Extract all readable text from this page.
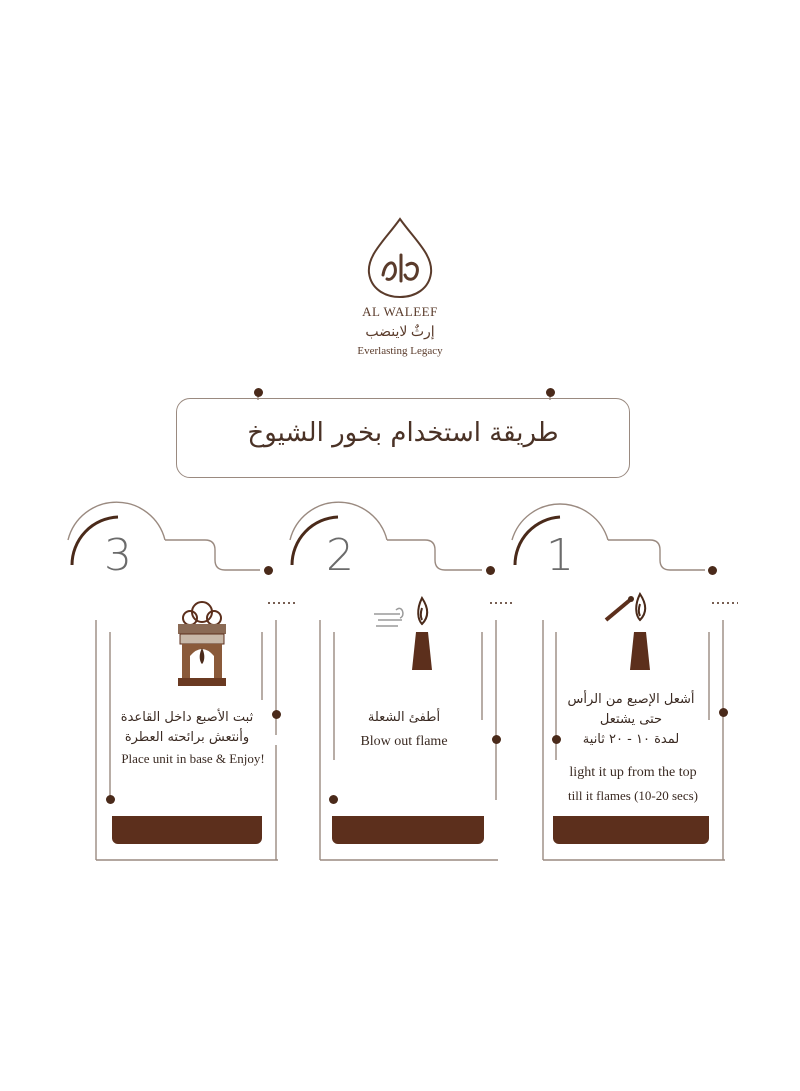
AL WALEEF
إرثٌ لاينضب
Everlasting Legacy
طريقة استخدام بخور الشيوخ
3	2	1
ثبت الأصبع داخل القاعدة
وأنتعش برائحته العطرة
Place unit in base & Enjoy!
أطفئ الشعلة
Blow out flame
أشعل الإصبع من الرأس
حتى يشتعل
لمدة ١٠ - ٢٠ ثانية
light it up from the top
till it flames (10-20 secs)
